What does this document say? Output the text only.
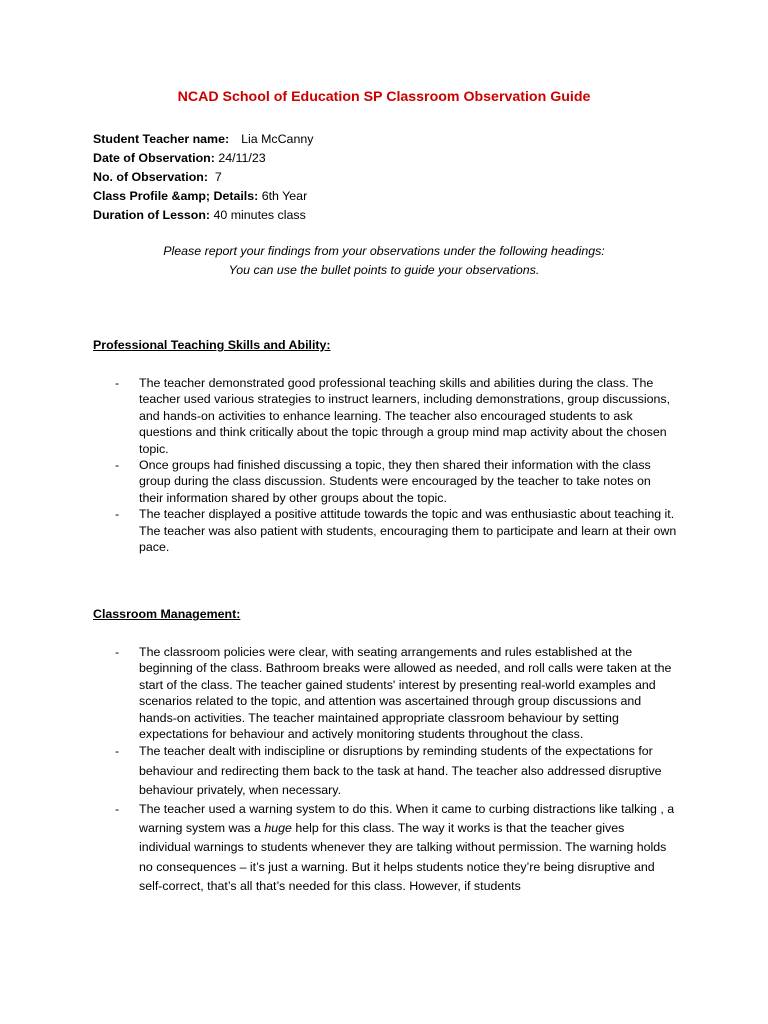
NCAD School of Education SP Classroom Observation Guide
Student Teacher name: Lia McCanny
Date of Observation: 24/11/23
No. of Observation: 7
Class Profile &amp; Details: 6th Year
Duration of Lesson: 40 minutes class
Please report your findings from your observations under the following headings:
You can use the bullet points to guide your observations.
Professional Teaching Skills and Ability:
- The teacher demonstrated good professional teaching skills and abilities during the class. The teacher used various strategies to instruct learners, including demonstrations, group discussions, and hands-on activities to enhance learning. The teacher also encouraged students to ask questions and think critically about the topic through a group mind map activity about the chosen topic.
- Once groups had finished discussing a topic, they then shared their information with the class group during the class discussion. Students were encouraged by the teacher to take notes on their information shared by other groups about the topic.
- The teacher displayed a positive attitude towards the topic and was enthusiastic about teaching it. The teacher was also patient with students, encouraging them to participate and learn at their own pace.
Classroom Management:
- The classroom policies were clear, with seating arrangements and rules established at the beginning of the class. Bathroom breaks were allowed as needed, and roll calls were taken at the start of the class. The teacher gained students' interest by presenting real-world examples and scenarios related to the topic, and attention was ascertained through group discussions and hands-on activities. The teacher maintained appropriate classroom behaviour by setting expectations for behaviour and actively monitoring students throughout the class.
- The teacher dealt with indiscipline or disruptions by reminding students of the expectations for behaviour and redirecting them back to the task at hand. The teacher also addressed disruptive behaviour privately, when necessary.
- The teacher used a warning system to do this. When it came to curbing distractions like talking , a warning system was a huge help for this class. The way it works is that the teacher gives individual warnings to students whenever they are talking without permission. The warning holds no consequences – it’s just a warning. But it helps students notice they’re being disruptive and self-correct, that’s all that’s needed for this class. However, if students
